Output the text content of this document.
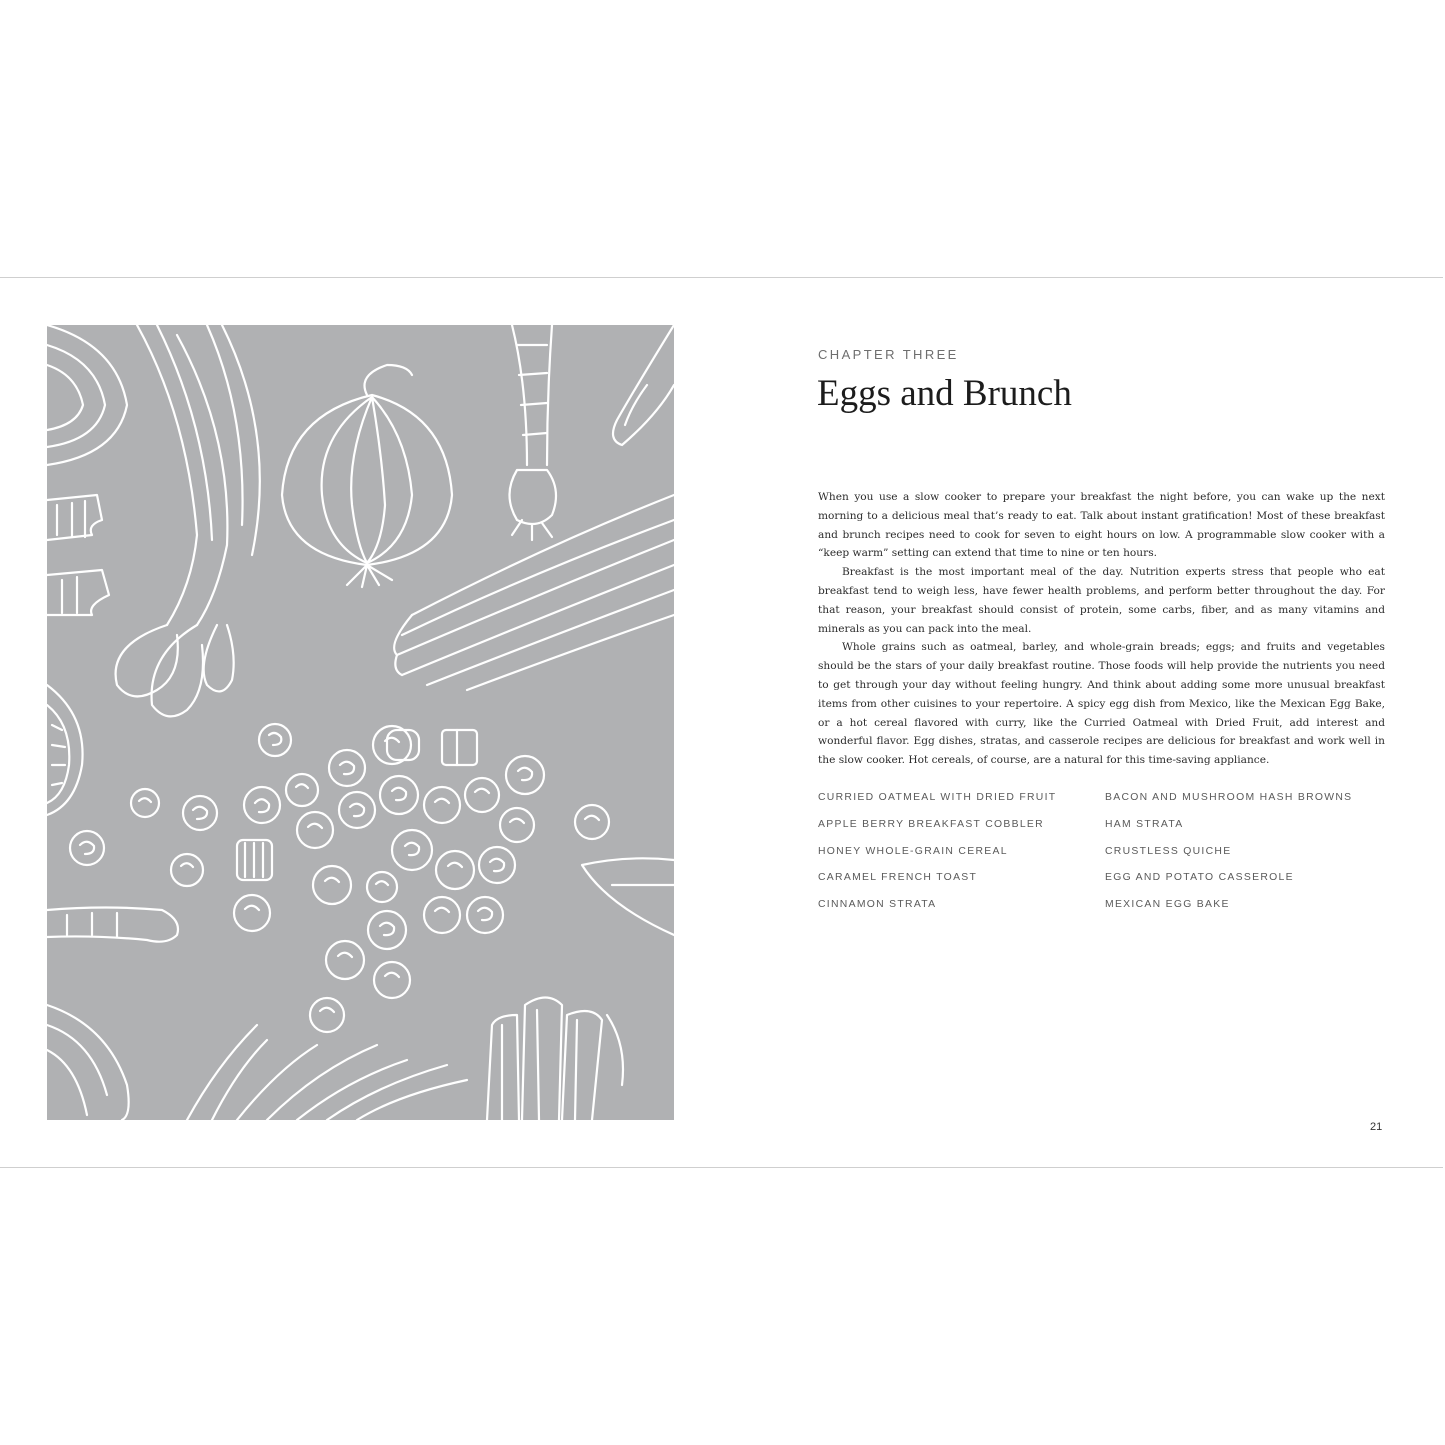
CHAPTER THREE
Eggs and Brunch

When you use a slow cooker to prepare your breakfast the night before, you can wake up the next morning to a delicious meal that’s ready to eat. Talk about instant gratification! Most of these breakfast and brunch recipes need to cook for seven to eight hours on low. A programmable slow cooker with a “keep warm” setting can extend that time to nine or ten hours.

Breakfast is the most important meal of the day. Nutrition experts stress that people who eat breakfast tend to weigh less, have fewer health problems, and perform better throughout the day. For that reason, your breakfast should consist of protein, some carbs, fiber, and as many vitamins and minerals as you can pack into the meal.

Whole grains such as oatmeal, barley, and whole-grain breads; eggs; and fruits and vegetables should be the stars of your daily breakfast routine. Those foods will help provide the nutrients you need to get through your day without feeling hungry. And think about adding some more unusual breakfast items from other cuisines to your repertoire. A spicy egg dish from Mexico, like the Mexican Egg Bake, or a hot cereal flavored with curry, like the Curried Oatmeal with Dried Fruit, add interest and wonderful flavor. Egg dishes, stratas, and casserole recipes are delicious for breakfast and work well in the slow cooker. Hot cereals, of course, are a natural for this time-saving appliance.

CURRIED OATMEAL WITH DRIED FRUIT
APPLE BERRY BREAKFAST COBBLER
HONEY WHOLE-GRAIN CEREAL
CARAMEL FRENCH TOAST
CINNAMON STRATA
BACON AND MUSHROOM HASH BROWNS
HAM STRATA
CRUSTLESS QUICHE
EGG AND POTATO CASSEROLE
MEXICAN EGG BAKE
21
